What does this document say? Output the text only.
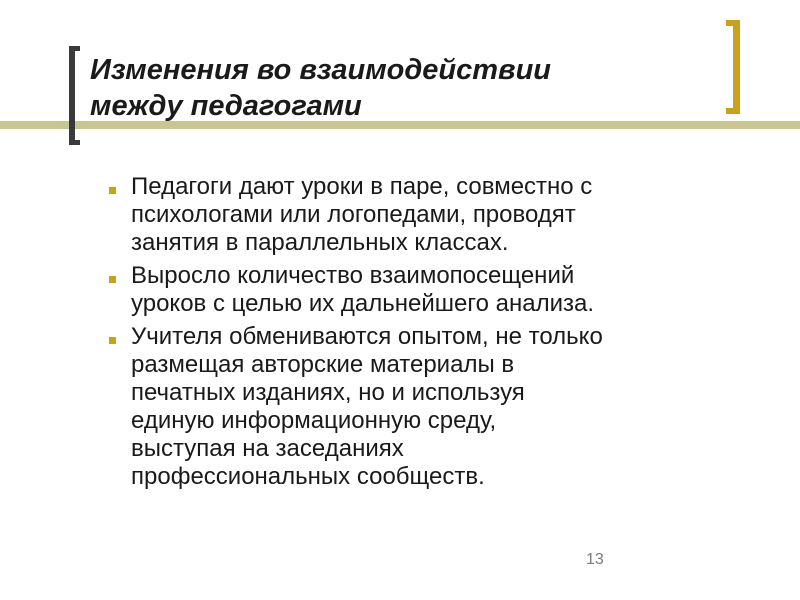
Изменения во взаимодействии
между педагогами
Педагоги дают уроки в паре, совместно с
психологами или логопедами, проводят
занятия в параллельных классах.
Выросло количество взаимопосещений
уроков с целью их дальнейшего анализа.
Учителя обмениваются опытом, не только
размещая авторские материалы в
печатных изданиях, но и используя
единую информационную среду,
выступая на заседаниях
профессиональных сообществ.
13
